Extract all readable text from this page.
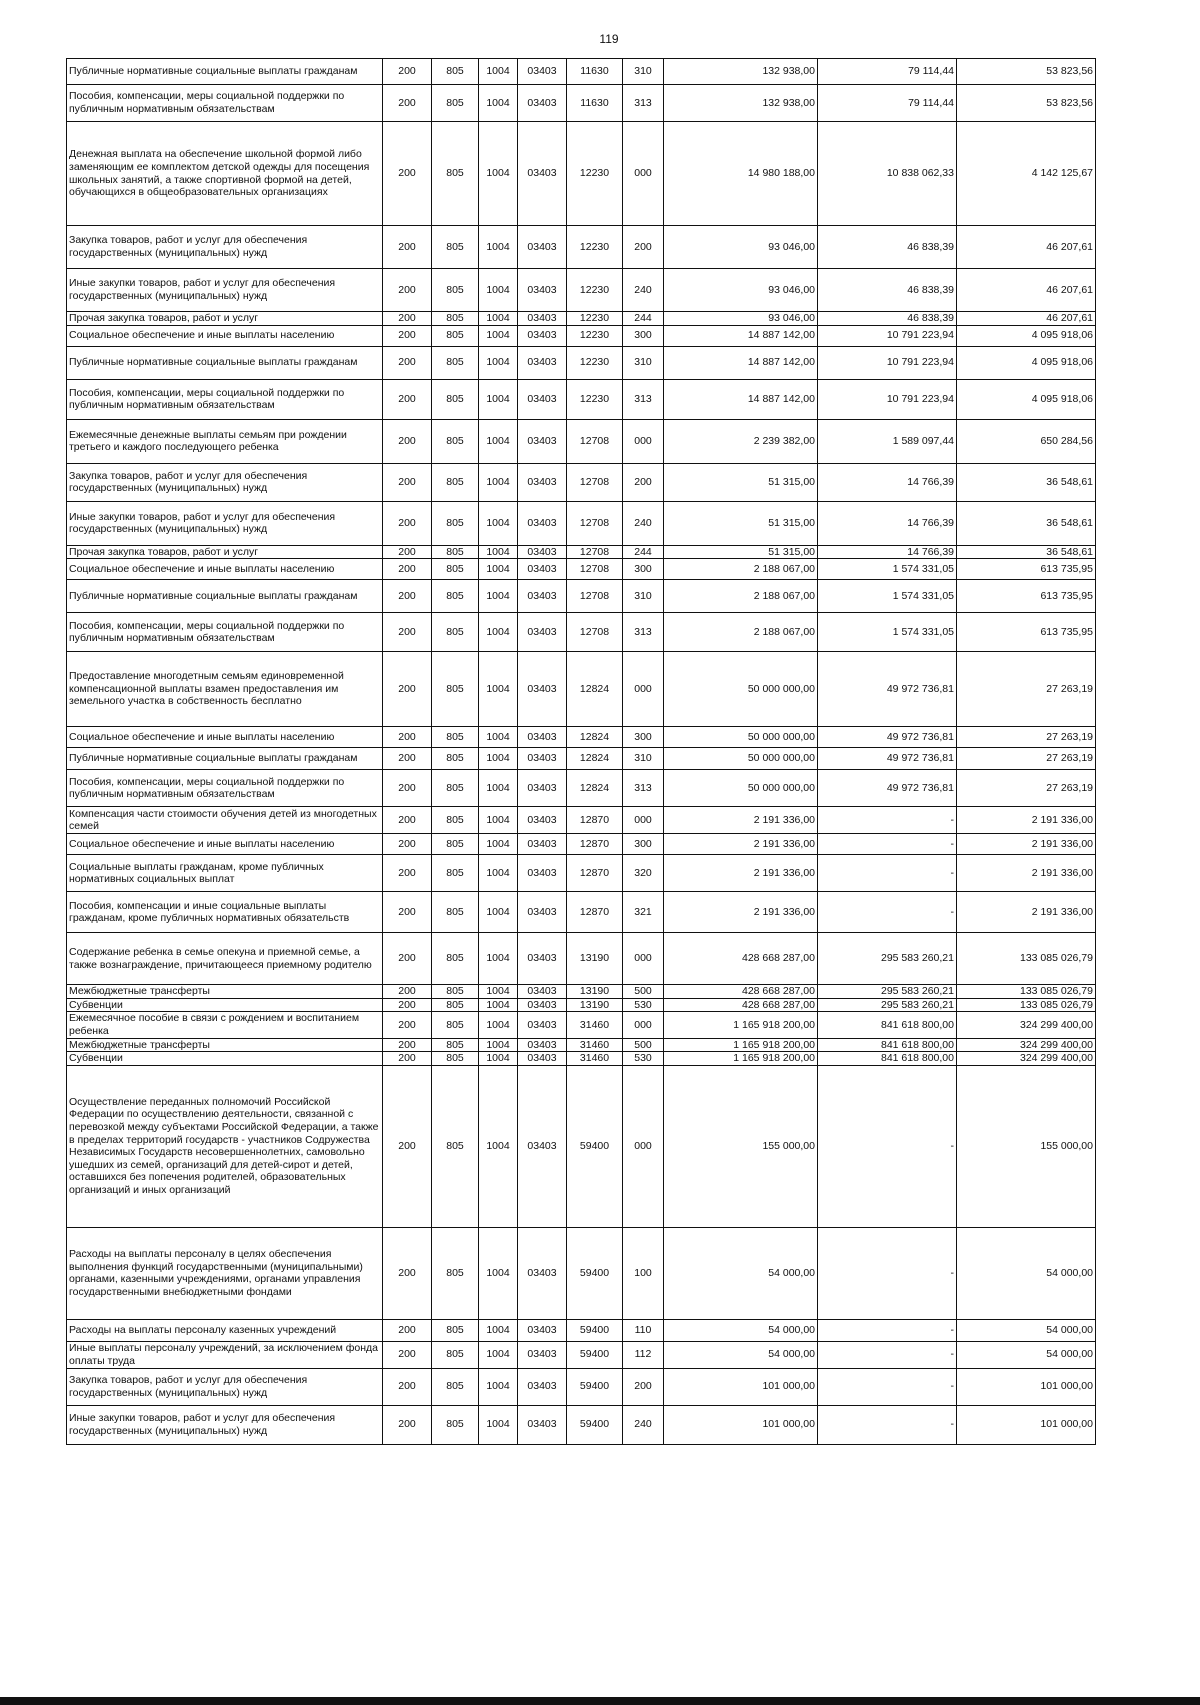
119
Публичные нормативные социальные выплаты гражданам	200	805	1004	03403	11630	310	132 938,00	79 114,44	53 823,56
Пособия, компенсации, меры социальной поддержки по публичным нормативным обязательствам	200	805	1004	03403	11630	313	132 938,00	79 114,44	53 823,56
Денежная выплата на обеспечение школьной формой либо заменяющим ее комплектом детской одежды для посещения школьных занятий, а также спортивной формой на детей, обучающихся в общеобразовательных организациях	200	805	1004	03403	12230	000	14 980 188,00	10 838 062,33	4 142 125,67
Закупка товаров, работ и услуг для обеспечения государственных (муниципальных) нужд	200	805	1004	03403	12230	200	93 046,00	46 838,39	46 207,61
Иные закупки товаров, работ и услуг для обеспечения государственных (муниципальных) нужд	200	805	1004	03403	12230	240	93 046,00	46 838,39	46 207,61
Прочая закупка товаров, работ и услуг	200	805	1004	03403	12230	244	93 046,00	46 838,39	46 207,61
Социальное обеспечение и иные выплаты населению	200	805	1004	03403	12230	300	14 887 142,00	10 791 223,94	4 095 918,06
Публичные нормативные социальные выплаты гражданам	200	805	1004	03403	12230	310	14 887 142,00	10 791 223,94	4 095 918,06
Пособия, компенсации, меры социальной поддержки по публичным нормативным обязательствам	200	805	1004	03403	12230	313	14 887 142,00	10 791 223,94	4 095 918,06
Ежемесячные денежные выплаты семьям при рождении третьего и каждого последующего ребенка	200	805	1004	03403	12708	000	2 239 382,00	1 589 097,44	650 284,56
Закупка товаров, работ и услуг для обеспечения государственных (муниципальных) нужд	200	805	1004	03403	12708	200	51 315,00	14 766,39	36 548,61
Иные закупки товаров, работ и услуг для обеспечения государственных (муниципальных) нужд	200	805	1004	03403	12708	240	51 315,00	14 766,39	36 548,61
Прочая закупка товаров, работ и услуг	200	805	1004	03403	12708	244	51 315,00	14 766,39	36 548,61
Социальное обеспечение и иные выплаты населению	200	805	1004	03403	12708	300	2 188 067,00	1 574 331,05	613 735,95
Публичные нормативные социальные выплаты гражданам	200	805	1004	03403	12708	310	2 188 067,00	1 574 331,05	613 735,95
Пособия, компенсации, меры социальной поддержки по публичным нормативным обязательствам	200	805	1004	03403	12708	313	2 188 067,00	1 574 331,05	613 735,95
Предоставление многодетным семьям единовременной компенсационной выплаты взамен предоставления им земельного участка в собственность бесплатно	200	805	1004	03403	12824	000	50 000 000,00	49 972 736,81	27 263,19
Социальное обеспечение и иные выплаты населению	200	805	1004	03403	12824	300	50 000 000,00	49 972 736,81	27 263,19
Публичные нормативные социальные выплаты гражданам	200	805	1004	03403	12824	310	50 000 000,00	49 972 736,81	27 263,19
Пособия, компенсации, меры социальной поддержки по публичным нормативным обязательствам	200	805	1004	03403	12824	313	50 000 000,00	49 972 736,81	27 263,19
Компенсация части стоимости обучения детей из многодетных семей	200	805	1004	03403	12870	000	2 191 336,00	-	2 191 336,00
Социальное обеспечение и иные выплаты населению	200	805	1004	03403	12870	300	2 191 336,00	-	2 191 336,00
Социальные выплаты гражданам, кроме публичных нормативных социальных выплат	200	805	1004	03403	12870	320	2 191 336,00	-	2 191 336,00
Пособия, компенсации и иные социальные выплаты гражданам, кроме публичных нормативных обязательств	200	805	1004	03403	12870	321	2 191 336,00	-	2 191 336,00
Содержание ребенка в семье опекуна и приемной семье, а также вознаграждение, причитающееся приемному родителю	200	805	1004	03403	13190	000	428 668 287,00	295 583 260,21	133 085 026,79
Межбюджетные трансферты	200	805	1004	03403	13190	500	428 668 287,00	295 583 260,21	133 085 026,79
Субвенции	200	805	1004	03403	13190	530	428 668 287,00	295 583 260,21	133 085 026,79
Ежемесячное пособие в связи с рождением и воспитанием ребенка	200	805	1004	03403	31460	000	1 165 918 200,00	841 618 800,00	324 299 400,00
Межбюджетные трансферты	200	805	1004	03403	31460	500	1 165 918 200,00	841 618 800,00	324 299 400,00
Субвенции	200	805	1004	03403	31460	530	1 165 918 200,00	841 618 800,00	324 299 400,00
Осуществление переданных полномочий Российской Федерации по осуществлению деятельности, связанной с перевозкой между субъектами Российской Федерации, а также в пределах территорий государств - участников Содружества Независимых Государств несовершеннолетних, самовольно ушедших из семей, организаций для детей-сирот и детей, оставшихся без попечения родителей, образовательных организаций и иных организаций	200	805	1004	03403	59400	000	155 000,00	-	155 000,00
Расходы на выплаты персоналу в целях обеспечения выполнения функций государственными (муниципальными) органами, казенными учреждениями, органами управления государственными внебюджетными фондами	200	805	1004	03403	59400	100	54 000,00	-	54 000,00
Расходы на выплаты персоналу казенных учреждений	200	805	1004	03403	59400	110	54 000,00	-	54 000,00
Иные выплаты персоналу учреждений, за исключением фонда оплаты труда	200	805	1004	03403	59400	112	54 000,00	-	54 000,00
Закупка товаров, работ и услуг для обеспечения государственных (муниципальных) нужд	200	805	1004	03403	59400	200	101 000,00	-	101 000,00
Иные закупки товаров, работ и услуг для обеспечения государственных (муниципальных) нужд	200	805	1004	03403	59400	240	101 000,00	-	101 000,00
